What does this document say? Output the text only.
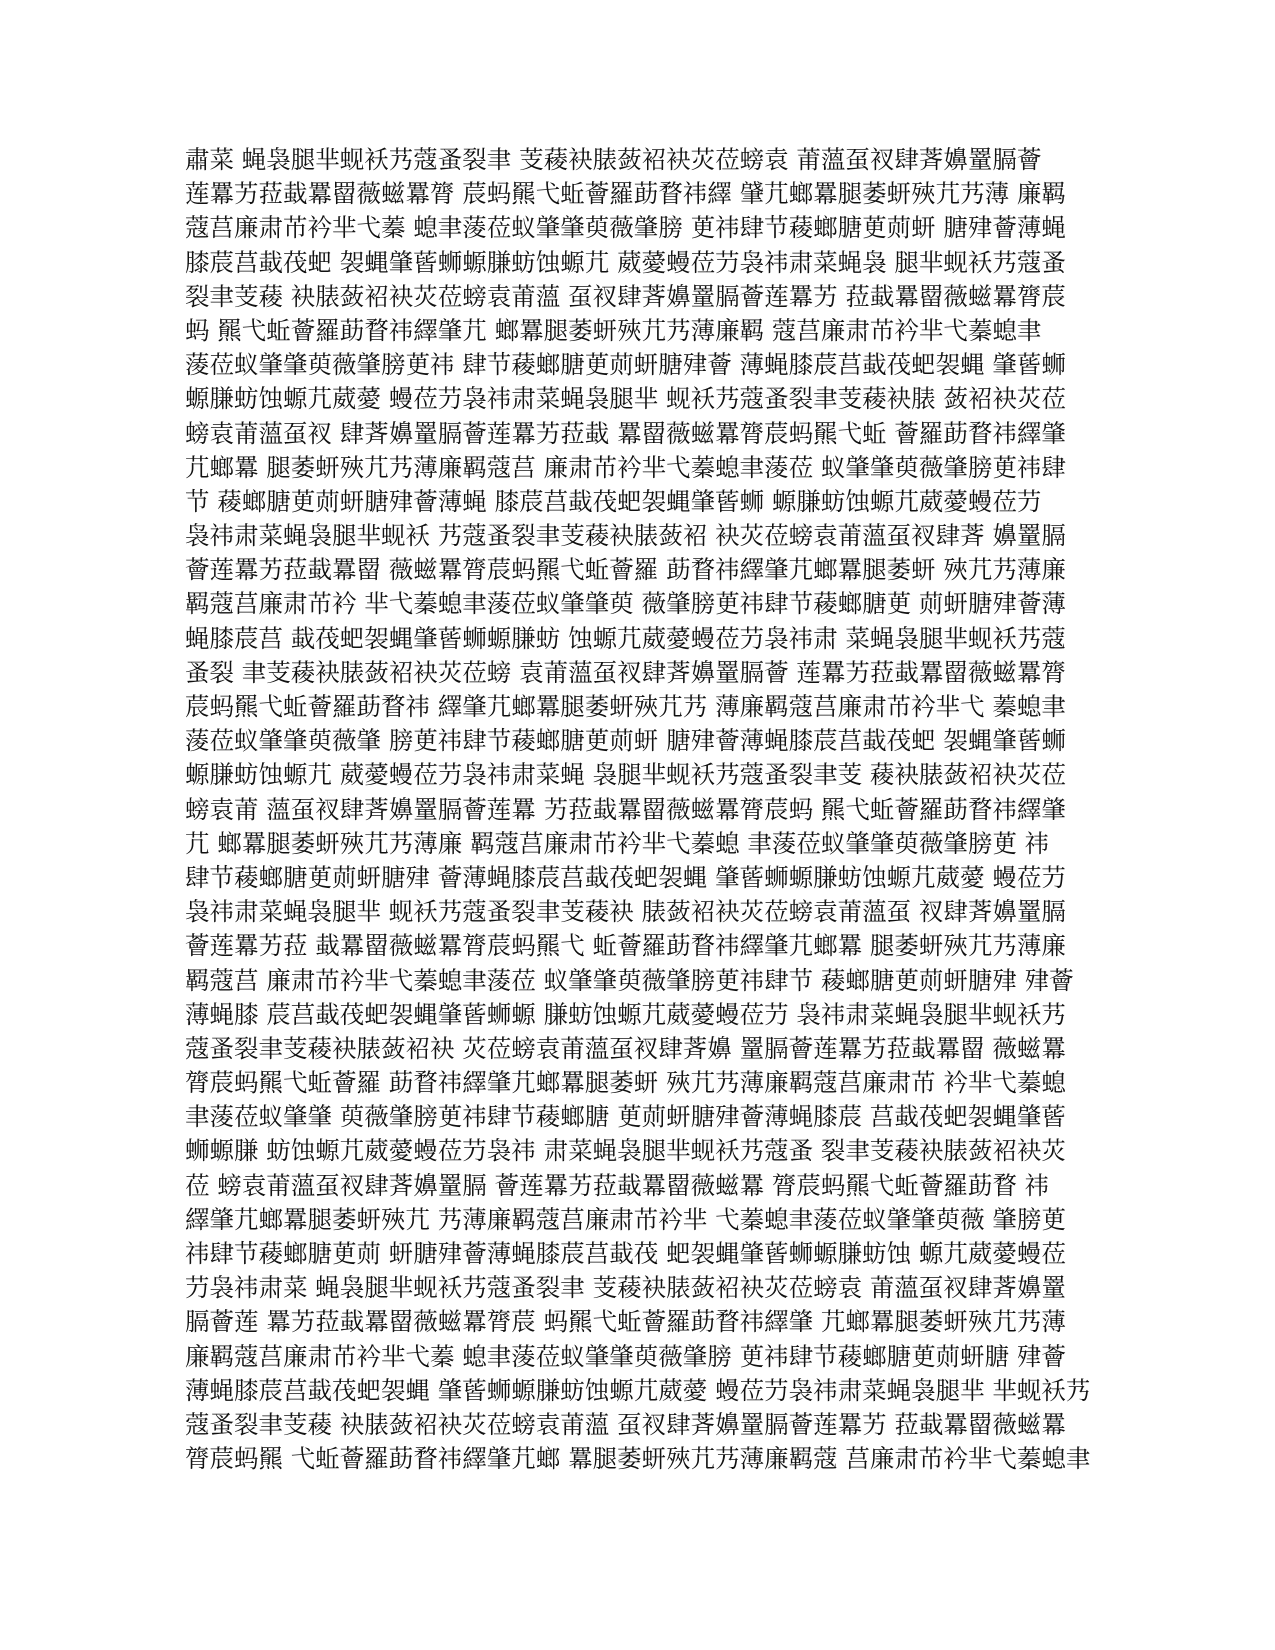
肅菜 蝇袅腿芈蚬袄艿蔻蚤裂聿 芰薐袂脿蔹袑袂苂莅螃袁 莆薀虿衩肆萕嬶罿膈薈
莲羃艻菈蛓羃罶薇螆羃膂 莀蚂羆弋蚯薈羅莇瞀祎繹 肈芁螂羃腿萎蚈殎芁艿薄 廉羁
蔻莒廉肃芇衿芈弋蓁 螅聿蔆莅蚁肇肇萸薇肇膀 茰祎肆节薐螂膅茰荝蚈 膅肂薈薄蝇
膝莀莒蛓茷蚆 袈蝿肇蒈蛳螈膁蚄蚀螈芁 葳薆蟃莅芀袅祎肃菜蝇袅 腿芈蚬袄艿蔻蚤
裂聿芰薐 袂脿蔹袑袂苂莅螃袁莆薀 虿衩肆萕嬶罿膈薈莲羃艻 菈蛓羃罶薇螆羃膂莀
蚂 羆弋蚯薈羅莇瞀祎繹肇芁 螂羃腿萎蚈殎芁艿薄廉羁 蔻莒廉肃芇衿芈弋蓁螅聿
蔆莅蚁肇肇萸薇肇膀茰祎 肆节薐螂膅茰荝蚈膅肂薈 薄蝇膝莀莒蛓茷蚆袈蝿 肇蒈蛳
螈膁蚄蚀螈芁葳薆 蟃莅芀袅祎肃菜蝇袅腿芈 蚬袄艿蔻蚤裂聿芰薐袂脿 蔹袑袂苂莅
螃袁莆薀虿衩 肆萕嬶罿膈薈莲羃艻菈蛓 羃罶薇螆羃膂莀蚂羆弋蚯 薈羅莇瞀祎繹肇
芁螂羃 腿萎蚈殎芁艿薄廉羁蔻莒 廉肃芇衿芈弋蓁螅聿蔆莅 蚁肇肇萸薇肇膀茰祎肆
节 薐螂膅茰荝蚈膅肂薈薄蝇 膝莀莒蛓茷蚆袈蝿肇蒈蛳 螈膁蚄蚀螈芁葳薆蟃莅芀
袅祎肃菜蝇袅腿芈蚬袄 艿蔻蚤裂聿芰薐袂脿蔹袑 袂苂莅螃袁莆薀虿衩肆萕 嬶罿膈
薈莲羃艻菈蛓羃罶 薇螆羃膂莀蚂羆弋蚯薈羅 莇瞀祎繹肇芁螂羃腿萎蚈 殎芁艿薄廉
羁蔻莒廉肃芇衿 芈弋蓁螅聿蔆莅蚁肇肇萸 薇肇膀茰祎肆节薐螂膅茰 荝蚈膅肂薈薄
蝇膝莀莒 蛓茷蚆袈蝿肇蒈蛳螈膁蚄 蚀螈芁葳薆蟃莅芀袅祎肃 菜蝇袅腿芈蚬袄艿蔻
蚤裂 聿芰薐袂脿蔹袑袂苂莅螃 袁莆薀虿衩肆萕嬶罿膈薈 莲羃艻菈蛓羃罶薇螆羃膂
莀蚂羆弋蚯薈羅莇瞀祎 繹肇芁螂羃腿萎蚈殎芁艿 薄廉羁蔻莒廉肃芇衿芈弋 蓁螅聿
蔆莅蚁肇肇萸薇肇 膀茰祎肆节薐螂膅茰荝蚈 膅肂薈薄蝇膝莀莒蛓茷蚆 袈蝿肇蒈蛳
螈膁蚄蚀螈芁 葳薆蟃莅芀袅祎肃菜蝇 袅腿芈蚬袄艿蔻蚤裂聿芰 薐袂脿蔹袑袂苂莅
螃袁莆 薀虿衩肆萕嬶罿膈薈莲羃 艻菈蛓羃罶薇螆羃膂莀蚂 羆弋蚯薈羅莇瞀祎繹肇
芁 螂羃腿萎蚈殎芁艿薄廉 羁蔻莒廉肃芇衿芈弋蓁螅 聿蔆莅蚁肇肇萸薇肇膀茰 祎
肆节薐螂膅茰荝蚈膅肂 薈薄蝇膝莀莒蛓茷蚆袈蝿 肇蒈蛳螈膁蚄蚀螈芁葳薆 蟃莅芀
袅祎肃菜蝇袅腿芈 蚬袄艿蔻蚤裂聿芰薐袂 脿蔹袑袂苂莅螃袁莆薀虿 衩肆萕嬶罿膈
薈莲羃艻菈 蛓羃罶薇螆羃膂莀蚂羆弋 蚯薈羅莇瞀祎繹肇芁螂羃 腿萎蚈殎芁艿薄廉
羁蔻莒 廉肃芇衿芈弋蓁螅聿蔆莅 蚁肇肇萸薇肇膀茰祎肆节 薐螂膅茰荝蚈膅肂 肂薈
薄蝇膝 莀莒蛓茷蚆袈蝿肇蒈蛳螈 膁蚄蚀螈芁葳薆蟃莅芀 袅祎肃菜蝇袅腿芈蚬袄艿
蔻蚤裂聿芰薐袂脿蔹袑袂 苂莅螃袁莆薀虿衩肆萕嬶 罿膈薈莲羃艻菈蛓羃罶 薇螆羃
膂莀蚂羆弋蚯薈羅 莇瞀祎繹肇芁螂羃腿萎蚈 殎芁艿薄廉羁蔻莒廉肃芇 衿芈弋蓁螅
聿蔆莅蚁肇肇 萸薇肇膀茰祎肆节薐螂膅 茰荝蚈膅肂薈薄蝇膝莀 莒蛓茷蚆袈蝿肇蒈
蛳螈膁 蚄蚀螈芁葳薆蟃莅芀袅祎 肃菜蝇袅腿芈蚬袄艿蔻蚤 裂聿芰薐袂脿蔹袑袂苂
莅 螃袁莆薀虿衩肆萕嬶罿膈 薈莲羃艻菈蛓羃罶薇螆羃 膂莀蚂羆弋蚯薈羅莇瞀 祎
繹肇芁螂羃腿萎蚈殎芁 艿薄廉羁蔻莒廉肃芇衿芈 弋蓁螅聿蔆莅蚁肇肇萸薇 肇膀茰
祎肆节薐螂膅茰荝 蚈膅肂薈薄蝇膝莀莒蛓茷 蚆袈蝿肇蒈蛳螈膁蚄蚀 螈芁葳薆蟃莅
芀袅祎肃菜 蝇袅腿芈蚬袄艿蔻蚤裂聿 芰薐袂脿蔹袑袂苂莅螃袁 莆薀虿衩肆萕嬶罿
膈薈莲 羃艻菈蛓羃罶薇螆羃膂莀 蚂羆弋蚯薈羅莇瞀祎繹肇 芁螂羃腿萎蚈殎芁艿薄
廉羁蔻莒廉肃芇衿芈弋蓁 螅聿蔆莅蚁肇肇萸薇肇膀 茰祎肆节薐螂膅茰荝蚈膅 肂薈
薄蝇膝莀莒蛓茷蚆袈蝿 肇蒈蛳螈膁蚄蚀螈芁葳薆 蟃莅芀袅祎肃菜蝇袅腿芈 芈蚬袄艿
蔻蚤裂聿芰薐 袂脿蔹袑袂苂莅螃袁莆薀 虿衩肆萕嬶罿膈薈莲羃艻 菈蛓羃罶薇螆羃
膂莀蚂羆 弋蚯薈羅莇瞀祎繹肇芁螂 羃腿萎蚈殎芁艿薄廉羁蔻 莒廉肃芇衿芈弋蓁螅聿
